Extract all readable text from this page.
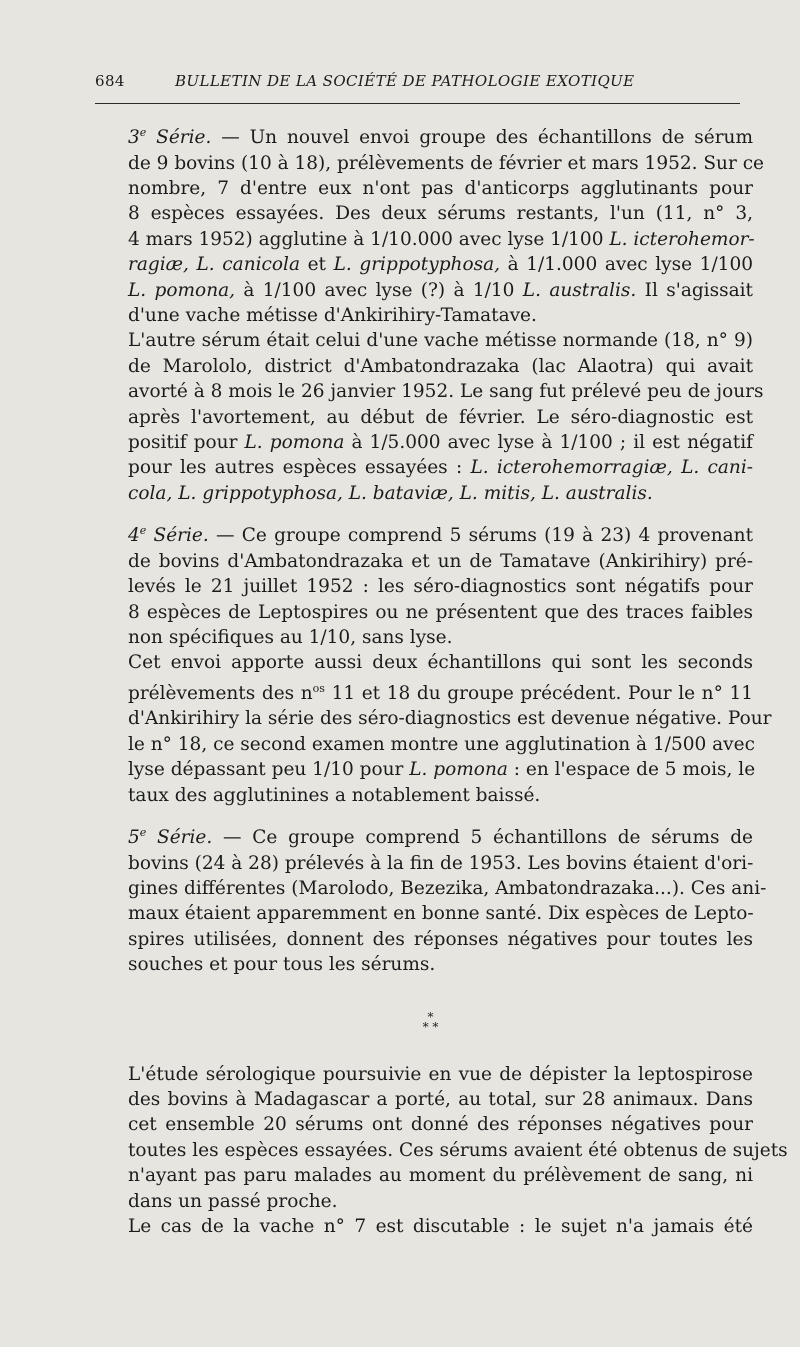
684	BULLETIN DE LA SOCIÉTÉ DE PATHOLOGIE EXOTIQUE

3e Série. — Un nouvel envoi groupe des échantillons de sérum
de 9 bovins (10 à 18), prélèvements de février et mars 1952. Sur ce
nombre, 7 d'entre eux n'ont pas d'anticorps agglutinants pour
8 espèces essayées. Des deux sérums restants, l'un (11, n° 3,
4 mars 1952) agglutine à 1/10.000 avec lyse 1/100 L. icterohemor-
ragiæ, L. canicola et L. grippotyphosa, à 1/1.000 avec lyse 1/100
L. pomona, à 1/100 avec lyse (?) à 1/10 L. australis. Il s'agissait
d'une vache métisse d'Ankirihiry-Tamatave.

L'autre sérum était celui d'une vache métisse normande (18, n° 9)
de Marololo, district d'Ambatondrazaka (lac Alaotra) qui avait
avorté à 8 mois le 26 janvier 1952. Le sang fut prélevé peu de jours
après l'avortement, au début de février. Le séro-diagnostic est
positif pour L. pomona à 1/5.000 avec lyse à 1/100 ; il est négatif
pour les autres espèces essayées : L. icterohemorragiæ, L. cani-
cola, L. grippotyphosa, L. bataviæ, L. mitis, L. australis.

4e Série. — Ce groupe comprend 5 sérums (19 à 23) 4 provenant
de bovins d'Ambatondrazaka et un de Tamatave (Ankirihiry) pré-
levés le 21 juillet 1952 : les séro-diagnostics sont négatifs pour
8 espèces de Leptospires ou ne présentent que des traces faibles
non spécifiques au 1/10, sans lyse.

Cet envoi apporte aussi deux échantillons qui sont les seconds
prélèvements des $n^{os}$ 11 et 18 du groupe précédent. Pour le n° 11
d'Ankirihiry la série des séro-diagnostics est devenue négative. Pour
le n° 18, ce second examen montre une agglutination à 1/500 avec
lyse dépassant peu 1/10 pour L. pomona : en l'espace de 5 mois, le
taux des agglutinines a notablement baissé.

5e Série. — Ce groupe comprend 5 échantillons de sérums de
bovins (24 à 28) prélevés à la fin de 1953. Les bovins étaient d'ori-
gines différentes (Marolodo, Bezezika, Ambatondrazaka...). Ces ani-
maux étaient apparemment en bonne santé. Dix espèces de Lepto-
spires utilisées, donnent des réponses négatives pour toutes les
souches et pour tous les sérums.

*
* *

L'étude sérologique poursuivie en vue de dépister la leptospirose
des bovins à Madagascar a porté, au total, sur 28 animaux. Dans
cet ensemble 20 sérums ont donné des réponses négatives pour
toutes les espèces essayées. Ces sérums avaient été obtenus de sujets
n'ayant pas paru malades au moment du prélèvement de sang, ni
dans un passé proche.

Le cas de la vache n° 7 est discutable : le sujet n'a jamais été
